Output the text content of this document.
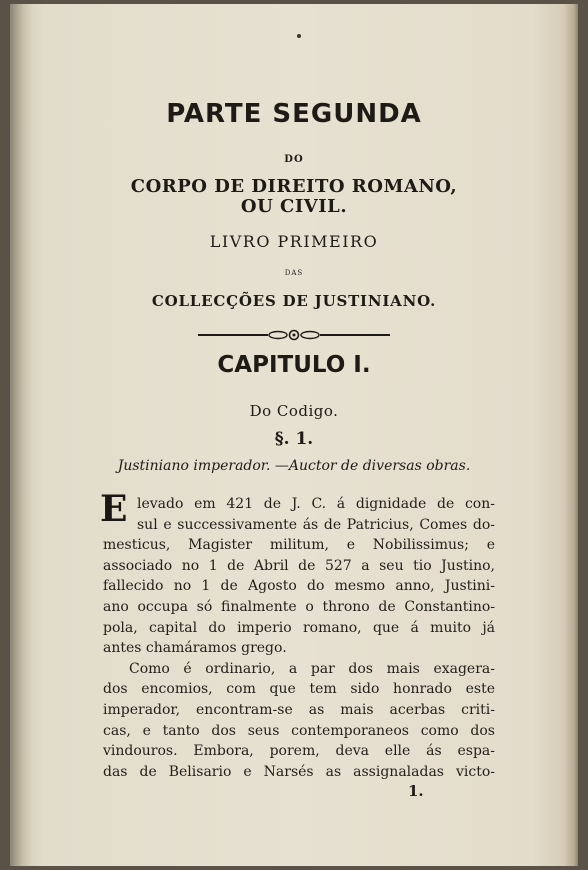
PARTE SEGUNDA
DO
CORPO DE DIREITO ROMANO,
OU CIVIL.
LIVRO PRIMEIRO
DAS
COLLECÇÕES DE JUSTINIANO.
CAPITULO I.
Do Codigo.
§. 1.
Justiniano imperador. —Auctor de diversas obras.
E levado em 421 de J. C. á dignidade de con-
sul e successivamente ás de Patricius, Comes do-
mesticus, Magister militum, e Nobilissimus; e
associado no 1 de Abril de 527 a seu tio Justino,
fallecido no 1 de Agosto do mesmo anno, Justini-
ano occupa só finalmente o throno de Constantino-
pola, capital do imperio romano, que á muito já
antes chamáramos grego.
Como é ordinario, a par dos mais exagera-
dos encomios, com que tem sido honrado este
imperador, encontram-se as mais acerbas criti-
cas, e tanto dos seus contemporaneos como dos
vindouros. Embora, porem, deva elle ás espa-
das de Belisario e Narsés as assignaladas victo-
1.
